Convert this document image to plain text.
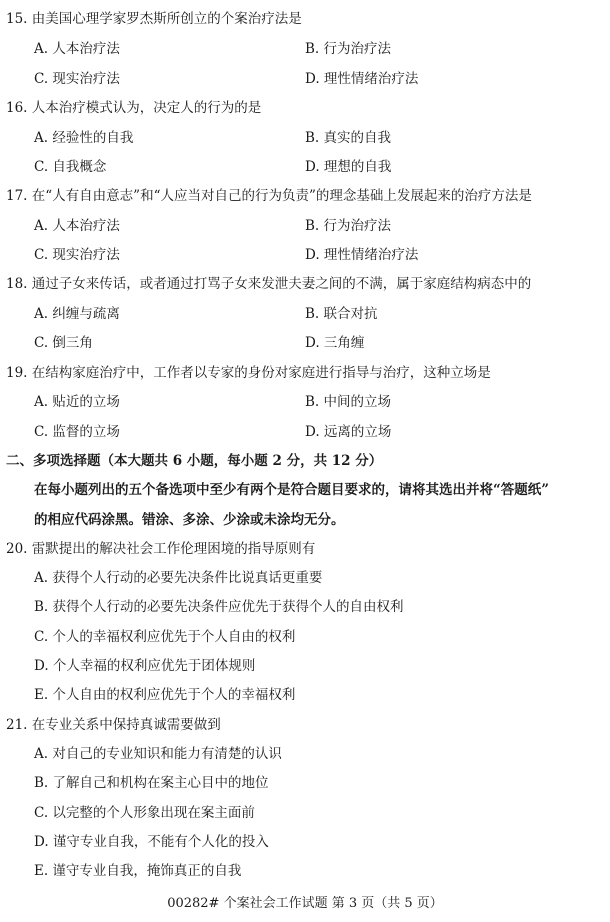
15. 由美国心理学家罗杰斯所创立的个案治疗法是
A. 人本治疗法	B. 行为治疗法
C. 现实治疗法	D. 理性情绪治疗法
16. 人本治疗模式认为，决定人的行为的是
A. 经验性的自我	B. 真实的自我
C. 自我概念	D. 理想的自我
17. 在“人有自由意志”和“人应当对自己的行为负责”的理念基础上发展起来的治疗方法是
A. 人本治疗法	B. 行为治疗法
C. 现实治疗法	D. 理性情绪治疗法
18. 通过子女来传话，或者通过打骂子女来发泄夫妻之间的不满，属于家庭结构病态中的
A. 纠缠与疏离	B. 联合对抗
C. 倒三角	D. 三角缠
19. 在结构家庭治疗中，工作者以专家的身份对家庭进行指导与治疗，这种立场是
A. 贴近的立场	B. 中间的立场
C. 监督的立场	D. 远离的立场
二、多项选择题（本大题共 6 小题，每小题 2 分，共 12 分）
在每小题列出的五个备选项中至少有两个是符合题目要求的，请将其选出并将“答题纸”
的相应代码涂黑。错涂、多涂、少涂或未涂均无分。
20. 雷默提出的解决社会工作伦理困境的指导原则有
A. 获得个人行动的必要先决条件比说真话更重要
B. 获得个人行动的必要先决条件应优先于获得个人的自由权利
C. 个人的幸福权利应优先于个人自由的权利
D. 个人幸福的权利应优先于团体规则
E. 个人自由的权利应优先于个人的幸福权利
21. 在专业关系中保持真诚需要做到
A. 对自己的专业知识和能力有清楚的认识
B. 了解自己和机构在案主心目中的地位
C. 以完整的个人形象出现在案主面前
D. 谨守专业自我，不能有个人化的投入
E. 谨守专业自我，掩饰真正的自我
00282# 个案社会工作试题 第 3 页（共 5 页）
